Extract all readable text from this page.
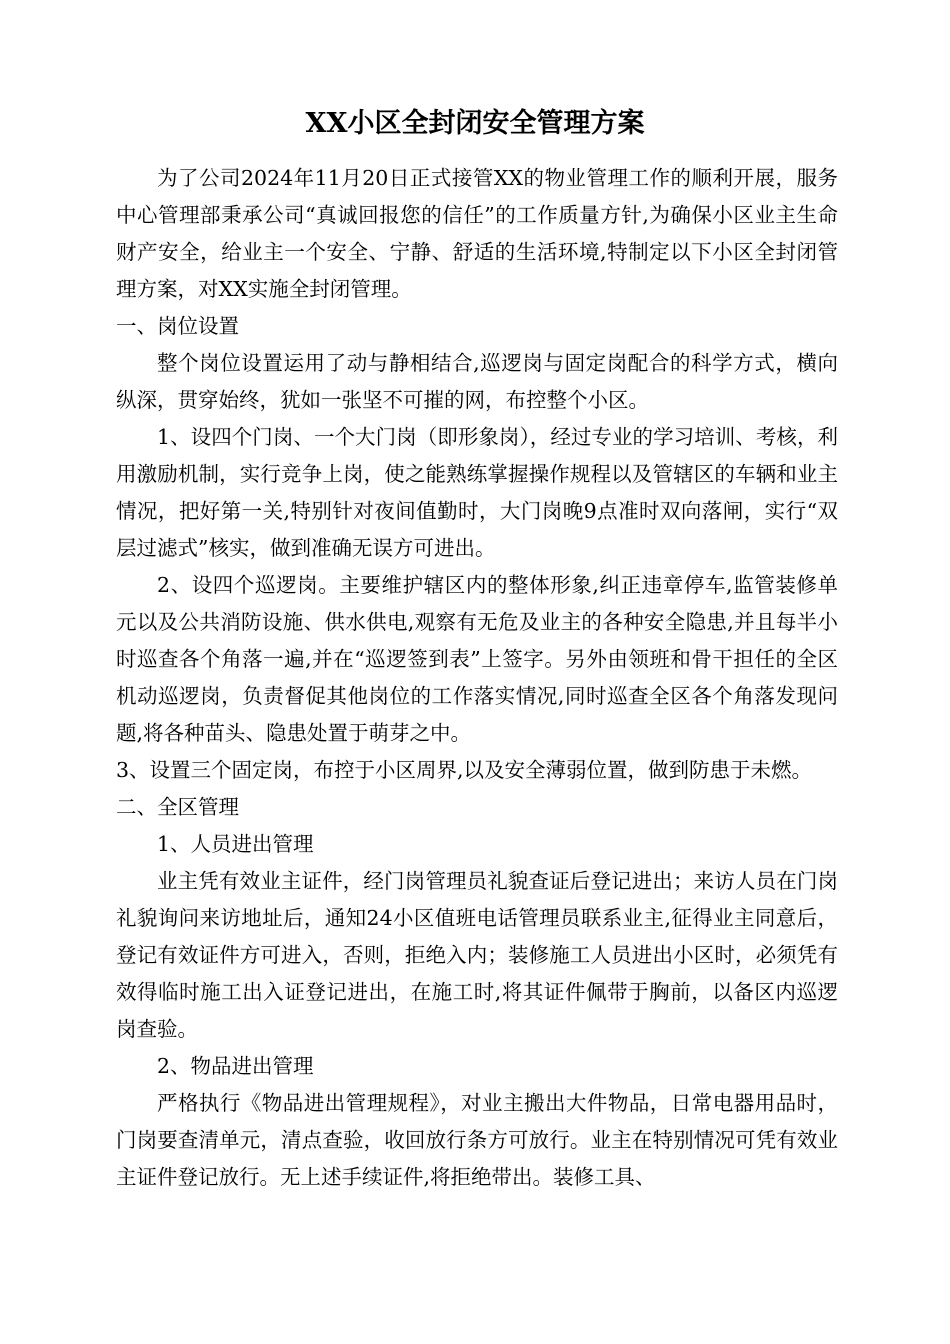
XX小区全封闭安全管理方案

为了公司2024年11月20日正式接管XX的物业管理工作的顺利开展，服务中心管理部秉承公司“真诚回报您的信任”的工作质量方针,为确保小区业主生命财产安全，给业主一个安全、宁静、舒适的生活环境,特制定以下小区全封闭管理方案，对XX实施全封闭管理。

一、岗位设置

整个岗位设置运用了动与静相结合,巡逻岗与固定岗配合的科学方式，横向纵深，贯穿始终，犹如一张坚不可摧的网，布控整个小区。

1、设四个门岗、一个大门岗（即形象岗），经过专业的学习培训、考核，利用激励机制，实行竞争上岗，使之能熟练掌握操作规程以及管辖区的车辆和业主情况，把好第一关,特别针对夜间值勤时，大门岗晚9点准时双向落闸，实行“双层过滤式”核实，做到准确无误方可进出。

2、设四个巡逻岗。主要维护辖区内的整体形象,纠正违章停车,监管装修单元以及公共消防设施、供水供电,观察有无危及业主的各种安全隐患,并且每半小时巡查各个角落一遍,并在“巡逻签到表”上签字。另外由领班和骨干担任的全区机动巡逻岗，负责督促其他岗位的工作落实情况,同时巡查全区各个角落发现问题,将各种苗头、隐患处置于萌芽之中。

3、设置三个固定岗，布控于小区周界,以及安全薄弱位置，做到防患于未燃。

二、全区管理

1、人员进出管理

业主凭有效业主证件，经门岗管理员礼貌查证后登记进出；来访人员在门岗礼貌询问来访地址后，通知24小区值班电话管理员联系业主,征得业主同意后，登记有效证件方可进入，否则，拒绝入内；装修施工人员进出小区时，必须凭有效得临时施工出入证登记进出，在施工时,将其证件佩带于胸前，以备区内巡逻岗查验。

2、物品进出管理

严格执行《物品进出管理规程》，对业主搬出大件物品，日常电器用品时，门岗要查清单元，清点查验，收回放行条方可放行。业主在特别情况可凭有效业主证件登记放行。无上述手续证件,将拒绝带出。装修工具、
